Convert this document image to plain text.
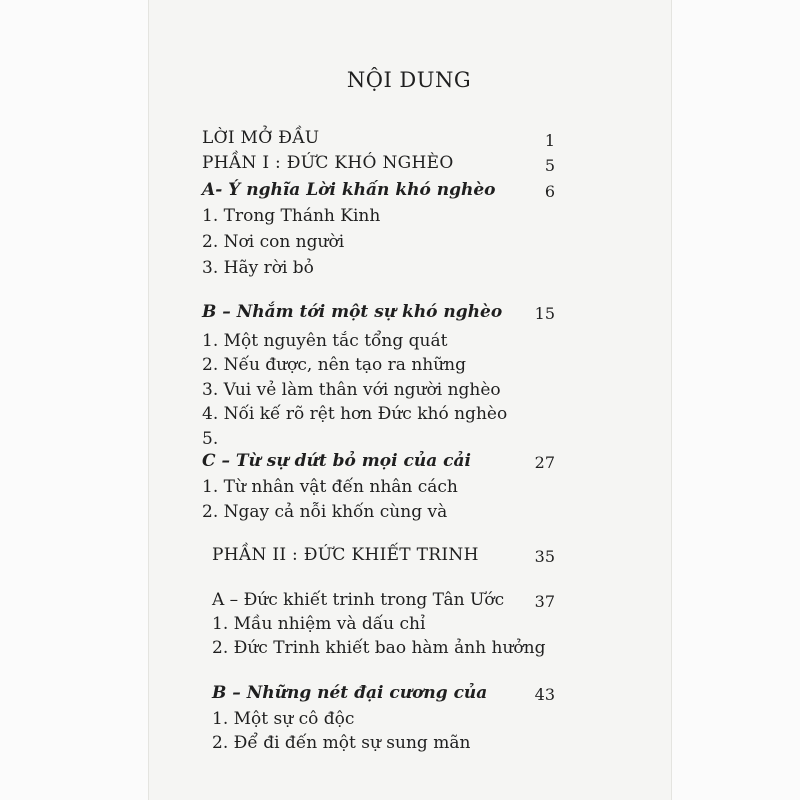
NỘI DUNG
LỜI MỞ ĐẦU	1
PHẦN I : ĐỨC KHÓ NGHÈO	5
A- Ý nghĩa Lời khấn khó nghèo	6
1. Trong Thánh Kinh
2. Nơi con người
3. Hãy rời bỏ
B – Nhắm tới một sự khó nghèo 15
1. Một nguyên tắc tổng quát
2. Nếu được, nên tạo ra những
3. Vui vẻ làm thân với người nghèo
4. Nối kế rõ rệt hơn Đức khó nghèo
5.
C – Từ sự dứt bỏ mọi của cải	27
1. Từ nhân vật đến nhân cách
2. Ngay cả nỗi khốn cùng và
PHẦN II : ĐỨC KHIẾT TRINH	35
A – Đức khiết trinh trong Tân Ước 37
1. Mầu nhiệm và dấu chỉ
2. Đức Trinh khiết bao hàm ảnh hưởng
B – Những nét đại cương của	43
1. Một sự cô độc
2. Để đi đến một sự sung mãn
